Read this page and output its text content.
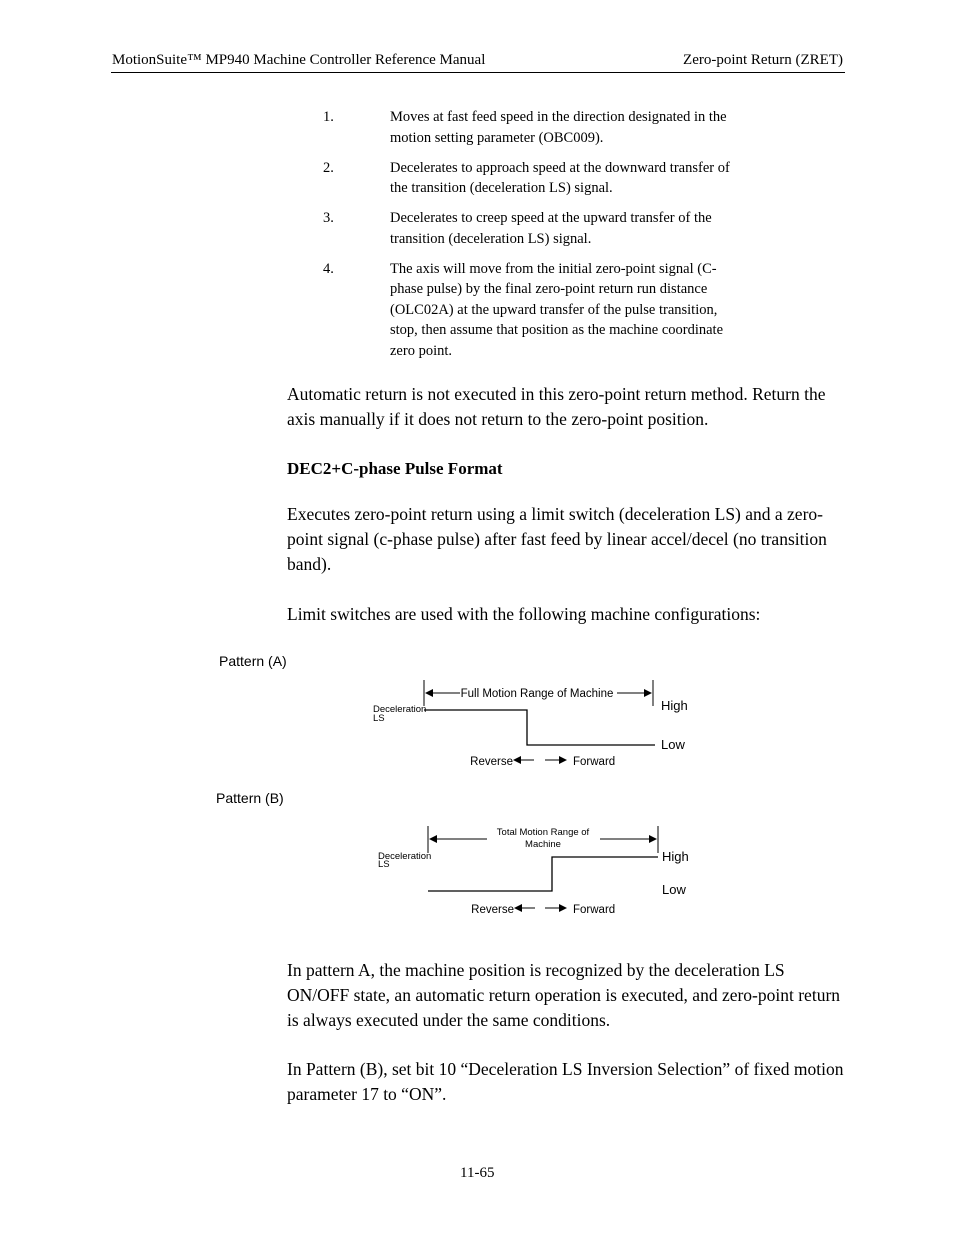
MotionSuite™ MP940 Machine Controller Reference Manual	Zero-point Return (ZRET)
1.	Moves at fast feed speed in the direction designated in the motion setting parameter (OBC009).
2.	Decelerates to approach speed at the downward transfer of the transition (deceleration LS) signal.
3.	Decelerates to creep speed at the upward transfer of the transition (deceleration LS) signal.
4.	The axis will move from the initial zero-point signal (C-phase pulse) by the final zero-point return run distance (OLC02A) at the upward transfer of the pulse transition, stop, then assume that position as the machine coordinate zero point.

Automatic return is not executed in this zero-point return method. Return the axis manually if it does not return to the zero-point position.

DEC2+C-phase Pulse Format

Executes zero-point return using a limit switch (deceleration LS) and a zero-point signal (c-phase pulse) after fast feed by linear accel/decel (no transition band).

Limit switches are used with the following machine configurations:

Pattern (A)
Pattern (B)
Full Motion Range of Machine
Deceleration
LS
High
Low
Reverse	Forward
Total Motion Range of
Machine
Deceleration
LS
High
Low
Reverse	Forward

In pattern A, the machine position is recognized by the deceleration LS ON/OFF state, an automatic return operation is executed, and zero-point return is always executed under the same conditions.

In Pattern (B), set bit 10 “Deceleration LS Inversion Selection” of fixed motion parameter 17 to “ON”.

11-65
